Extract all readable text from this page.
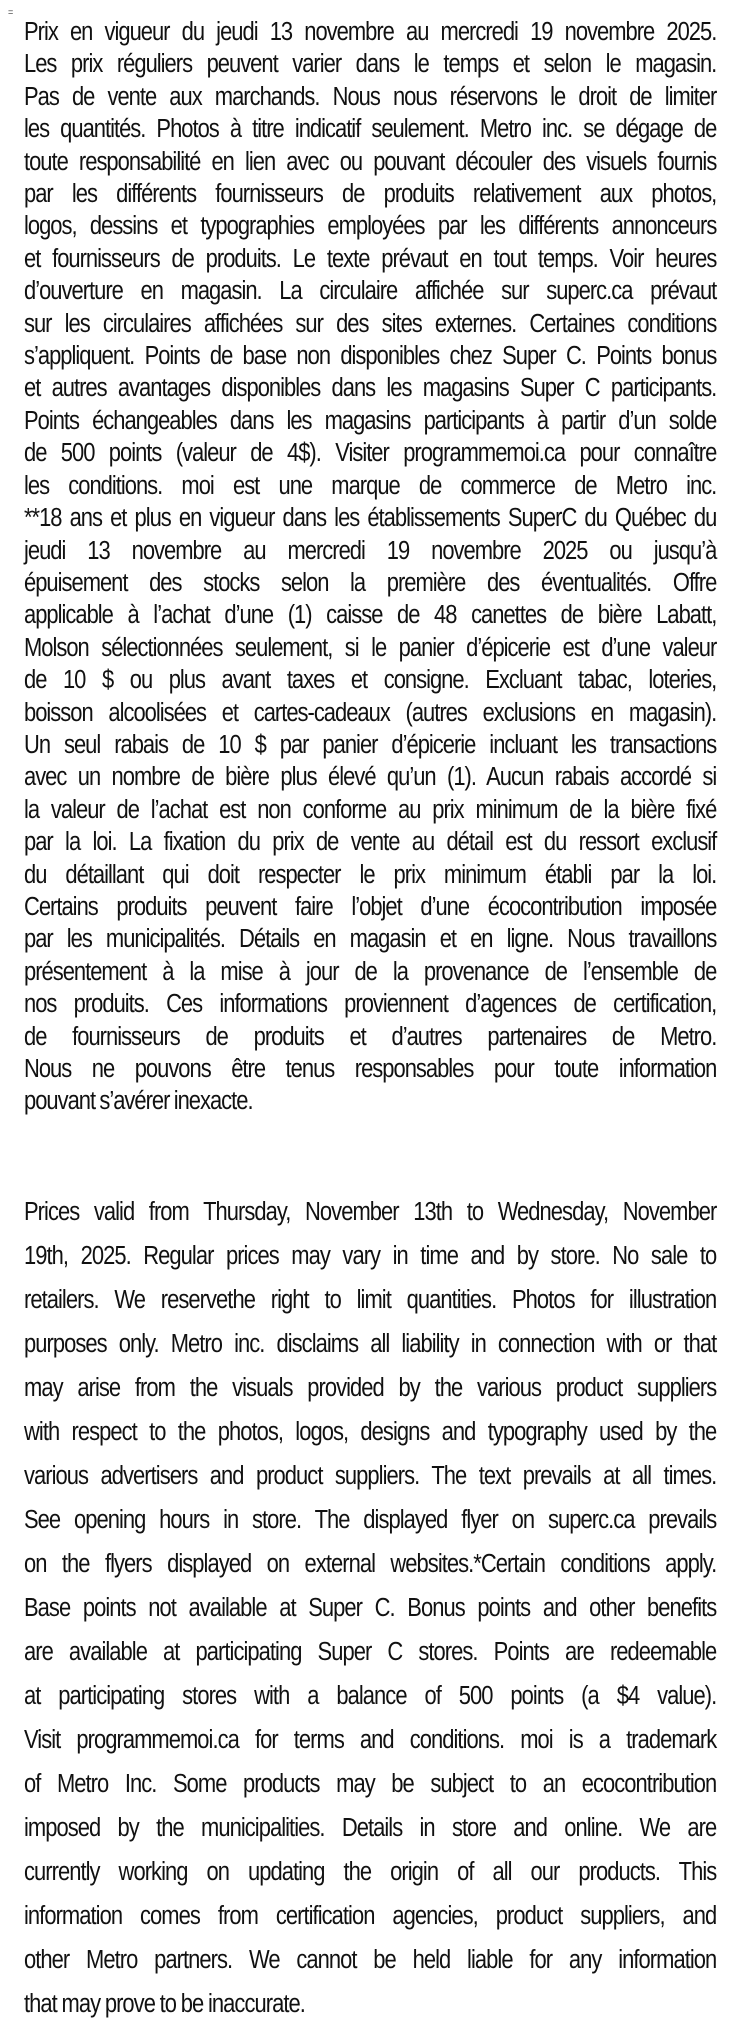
=
Prix en vigueur du jeudi 13 novembre au mercredi 19 novembre 2025.
Les prix réguliers peuvent varier dans le temps et selon le magasin.
Pas de vente aux marchands. Nous nous réservons le droit de limiter
les quantités. Photos à titre indicatif seulement. Metro inc. se dégage de
toute responsabilité en lien avec ou pouvant découler des visuels fournis
par les différents fournisseurs de produits relativement aux photos,
logos, dessins et typographies employées par les différents annonceurs
et fournisseurs de produits. Le texte prévaut en tout temps. Voir heures
d’ouverture en magasin. La circulaire affichée sur superc.ca prévaut
sur les circulaires affichées sur des sites externes. Certaines conditions
s’appliquent. Points de base non disponibles chez Super C. Points bonus
et autres avantages disponibles dans les magasins Super C participants.
Points échangeables dans les magasins participants à partir d’un solde
de 500 points (valeur de 4$). Visiter programmemoi.ca pour connaître
les conditions. moi est une marque de commerce de Metro inc.
**18 ans et plus en vigueur dans les établissements SuperC du Québec du
jeudi 13 novembre au mercredi 19 novembre 2025 ou jusqu’à
épuisement des stocks selon la première des éventualités. Offre
applicable à l’achat d’une (1) caisse de 48 canettes de bière Labatt,
Molson sélectionnées seulement, si le panier d’épicerie est d’une valeur
de 10 $ ou plus avant taxes et consigne. Excluant tabac, loteries,
boisson alcoolisées et cartes-cadeaux (autres exclusions en magasin).
Un seul rabais de 10 $ par panier d’épicerie incluant les transactions
avec un nombre de bière plus élevé qu’un (1). Aucun rabais accordé si
la valeur de l’achat est non conforme au prix minimum de la bière fixé
par la loi. La fixation du prix de vente au détail est du ressort exclusif
du détaillant qui doit respecter le prix minimum établi par la loi.
Certains produits peuvent faire l’objet d’une écocontribution imposée
par les municipalités. Détails en magasin et en ligne. Nous travaillons
présentement à la mise à jour de la provenance de l’ensemble de
nos produits. Ces informations proviennent d’agences de certification,
de fournisseurs de produits et d’autres partenaires de Metro.
Nous ne pouvons être tenus responsables pour toute information
pouvant s’avérer inexacte.
Prices valid from Thursday, November 13th to Wednesday, November
19th, 2025. Regular prices may vary in time and by store. No sale to
retailers. We reservethe right to limit quantities. Photos for illustration
purposes only. Metro inc. disclaims all liability in connection with or that
may arise from the visuals provided by the various product suppliers
with respect to the photos, logos, designs and typography used by the
various advertisers and product suppliers. The text prevails at all times.
See opening hours in store. The displayed flyer on superc.ca prevails
on the flyers displayed on external websites.*Certain conditions apply.
Base points not available at Super C. Bonus points and other benefits
are available at participating Super C stores. Points are redeemable
at participating stores with a balance of 500 points (a $4 value).
Visit programmemoi.ca for terms and conditions. moi is a trademark
of Metro Inc. Some products may be subject to an ecocontribution
imposed by the municipalities. Details in store and online. We are
currently working on updating the origin of all our products. This
information comes from certification agencies, product suppliers, and
other Metro partners. We cannot be held liable for any information
that may prove to be inaccurate.
